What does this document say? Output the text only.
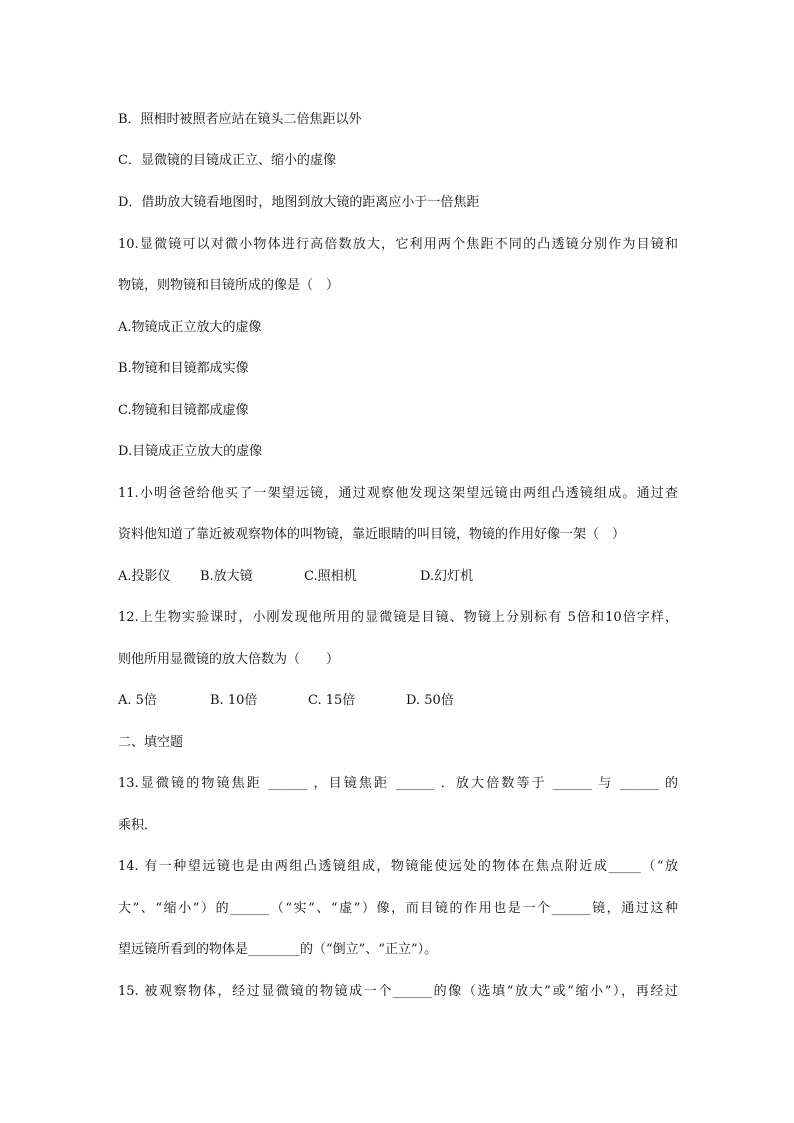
B．照相时被照者应站在镜头二倍焦距以外
C．显微镜的目镜成正立、缩小的虚像
D．借助放大镜看地图时，地图到放大镜的距离应小于一倍焦距
10.显微镜可以对微小物体进行高倍数放大，它利用两个焦距不同的凸透镜分别作为目镜和
物镜，则物镜和目镜所成的像是（　）
A.物镜成正立放大的虚像
B.物镜和目镜都成实像
C.物镜和目镜都成虚像
D.目镜成正立放大的虚像
11.小明爸爸给他买了一架望远镜，通过观察他发现这架望远镜由两组凸透镜组成。通过查
资料他知道了靠近被观察物体的叫物镜，靠近眼睛的叫目镜，物镜的作用好像一架（　）
A.投影仪 B.放大镜	C.照相机	D.幻灯机
12.上生物实验课时，小刚发现他所用的显微镜是目镜、物镜上分别标有 5倍和10倍字样，
则他所用显微镜的放大倍数为（　　）
A. 5倍	B. 10倍	C. 15倍	D. 50倍
二、填空题
13.显微镜的物镜焦距 ______ ，目镜焦距 ______ ．放大倍数等于 ______ 与 ______ 的
乘积．
14. 有一种望远镜也是由两组凸透镜组成，物镜能使远处的物体在焦点附近成_____（“放
大”、“缩小”）的______（“实”、“虚”）像，而目镜的作用也是一个______镜，通过这种
望远镜所看到的物体是________的（“倒立”、“正立”）。
15. 被观察物体，经过显微镜的物镜成一个______的像（选填“放大”或“缩小”），再经过
